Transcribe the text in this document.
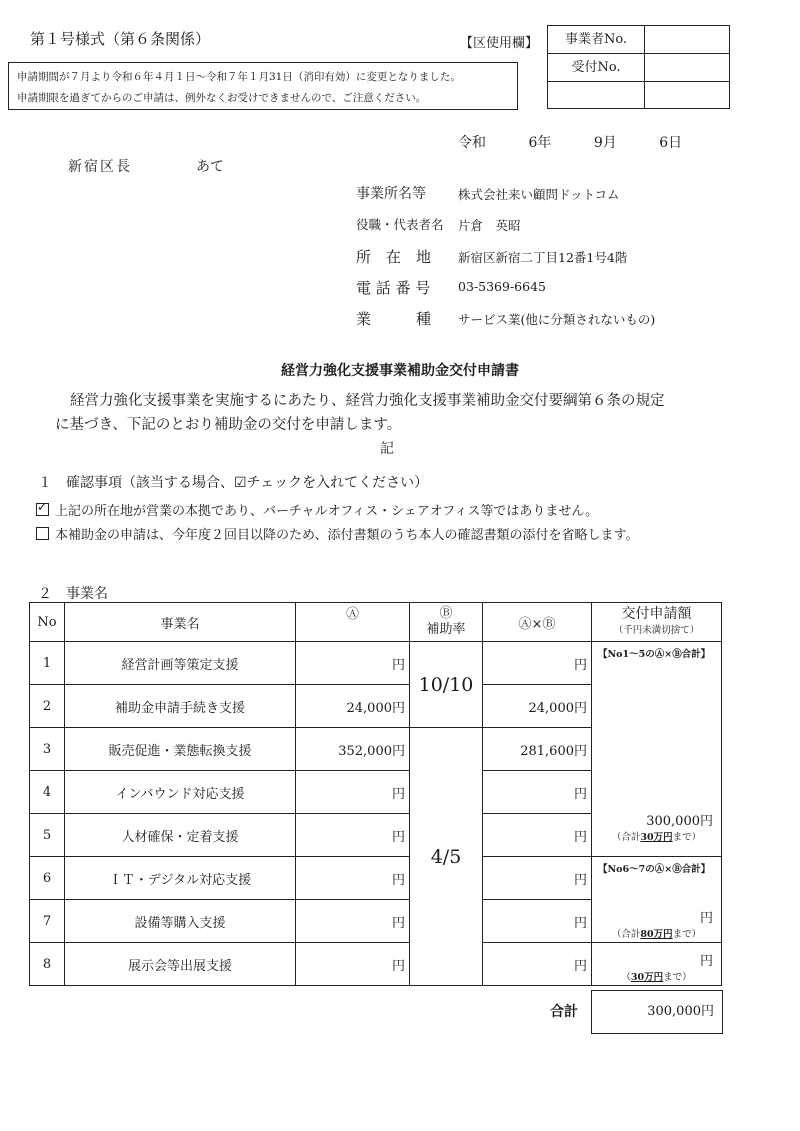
第１号様式（第６条関係）	【区使用欄】	事業者No.
受付No.
申請期間が７月より令和６年４月１日～令和７年１月31日（消印有効）に変更となりました。
申請期限を過ぎてからのご申請は、例外なくお受けできませんので、ご注意ください。
令和	6年	9月	6日
新宿区長	あて
事業所名等	株式会社来い顧問ドットコム
役職・代表者名 片倉　英昭
所　在　地 新宿区新宿二丁目12番1号4階
電 話 番 号 03-5369-6645
業　　　種 サービス業(他に分類されないもの)
経営力強化支援事業補助金交付申請書
経営力強化支援事業を実施するにあたり、経営力強化支援事業補助金交付要綱第６条の規定
に基づき、下記のとおり補助金の交付を申請します。
記
１　確認事項（該当する場合、☑チェックを入れてください）
✓上記の所在地が営業の本拠であり、バーチャルオフィス・シェアオフィス等ではありません。
本補助金の申請は、今年度２回目以降のため、添付書類のうち本人の確認書類の添付を省略します。
２　事業名
No	事業名	Ⓐ	Ⓑ
補助率	Ⓐ×Ⓑ	交付申請額
（千円未満切捨て）
1	経営計画等策定支援	円	10/10	円	【No1～5のⒶ×Ⓑ合計】
300,000円
（合計30万円まで）

2	補助金申請手続き支援	24,000円		24,000円	
3	販売促進・業態転換支援	352,000円	4/5	281,600円	
4	インバウンド対応支援	円		円	
5	人材確保・定着支援	円		円	
6	ＩＴ・デジタル対応支援	円		円	【No6～7のⒶ×Ⓑ合計】
円
（合計80万円まで）

7	設備等購入支援	円		円	
8	展示会等出展支援	円		円	円
（30万円まで）
合計	300,000円
